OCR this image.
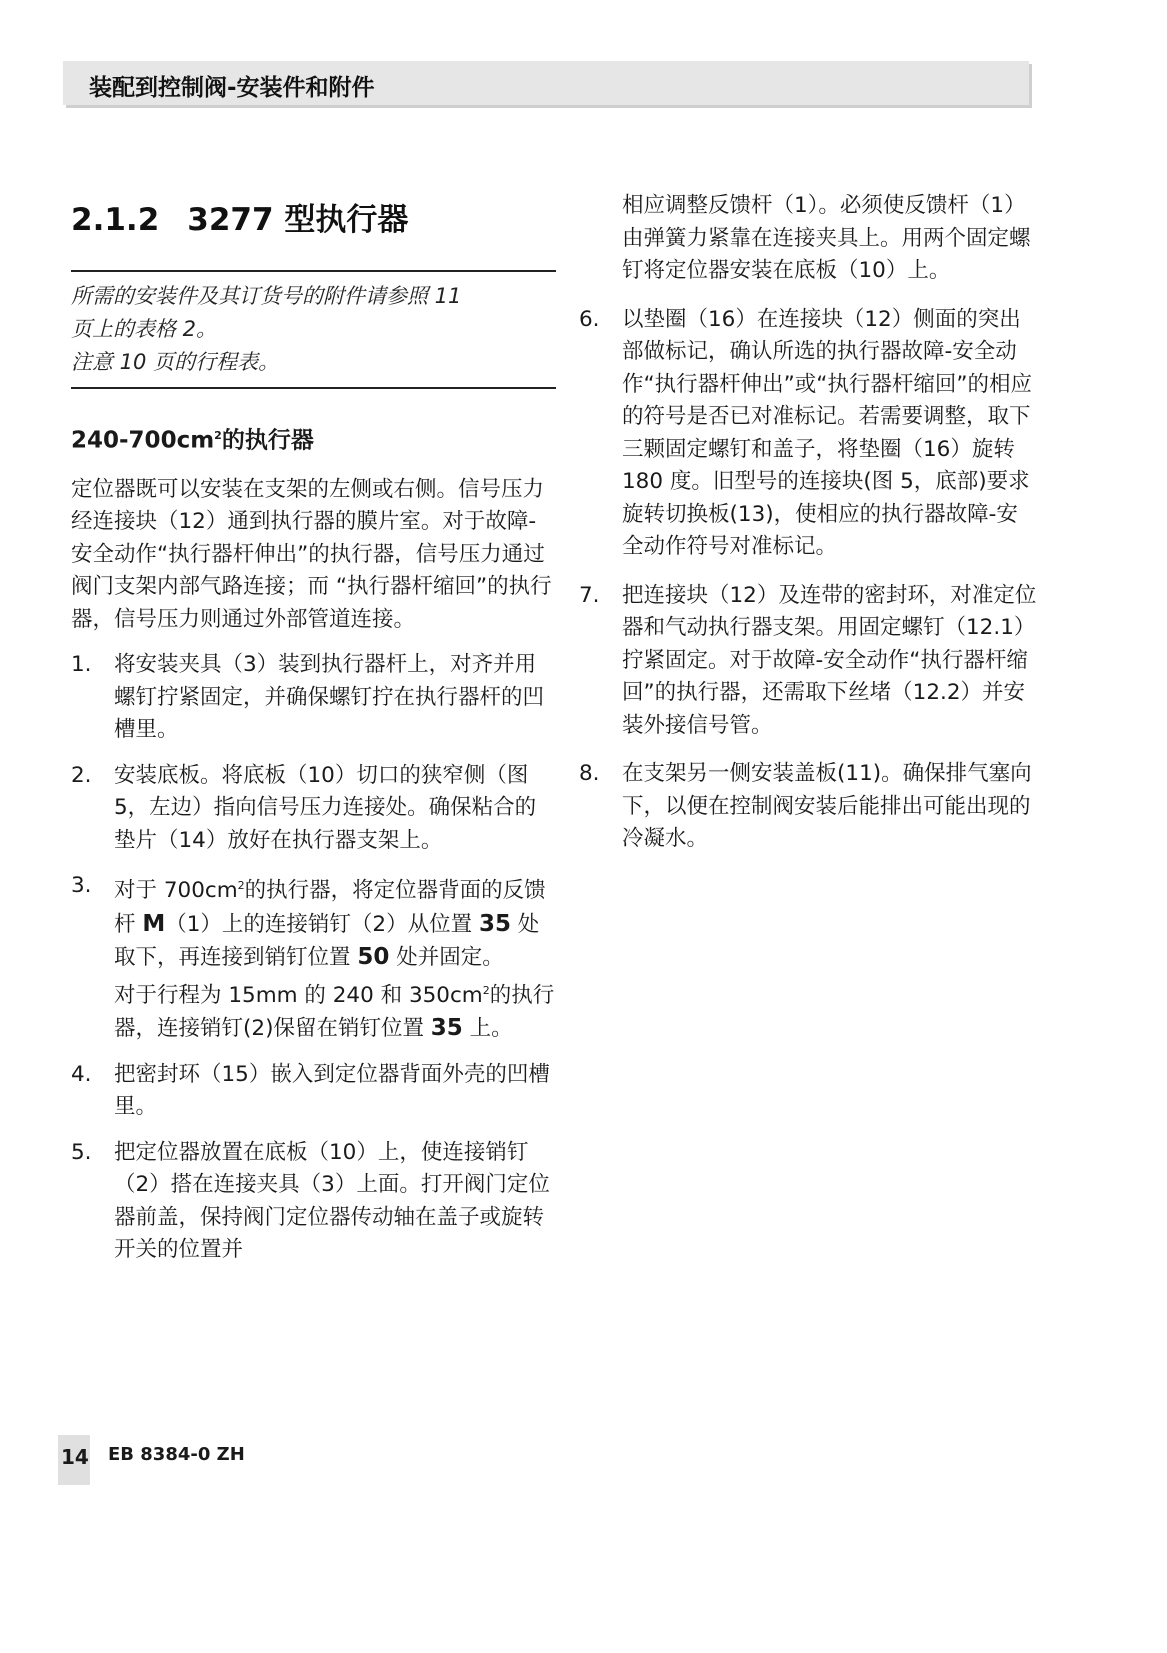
装配到控制阀-安装件和附件
2.1.2 3277 型执行器
所需的安装件及其订货号的附件请参照 11
页上的表格 2。
注意 10 页的行程表。
$240-700cm^2$的执行器

定位器既可以安装在支架的左侧或右侧。信号压力经连接块（12）通到执行器的膜片室。对于故障-安全动作“执行器杆伸出”的执行器，信号压力通过阀门支架内部气路连接；而 “执行器杆缩回”的执行器，信号压力则通过外部管道连接。

1. 将安装夹具（3）装到执行器杆上，对齐并用螺钉拧紧固定，并确保螺钉拧在执行器杆的凹槽里。

2. 安装底板。将底板（10）切口的狭窄侧（图 5，左边）指向信号压力连接处。确保粘合的垫片（14）放好在执行器支架上。

3. 对于 $700cm^2$的执行器，将定位器背面的反馈杆 M（1）上的连接销钉（2）从位置 35 处取下，再连接到销钉位置 50 处并固定。

对于行程为 15mm 的 240 和 $350cm^2$的执行器，连接销钉(2)保留在销钉位置 35 上。

4. 把密封环（15）嵌入到定位器背面外壳的凹槽里。

5. 把定位器放置在底板（10）上，使连接销钉（2）搭在连接夹具（3）上面。打开阀门定位器前盖，保持阀门定位器传动轴在盖子或旋转开关的位置并

相应调整反馈杆（1）。必须使反馈杆（1）由弹簧力紧靠在连接夹具上。用两个固定螺钉将定位器安装在底板（10）上。

6. 以垫圈（16）在连接块（12）侧面的突出部做标记，确认所选的执行器故障-安全动作“执行器杆伸出”或“执行器杆缩回”的相应的符号是否已对准标记。若需要调整，取下三颗固定螺钉和盖子，将垫圈（16）旋转 180 度。旧型号的连接块(图 5，底部)要求旋转切换板(13)，使相应的执行器故障-安全动作符号对准标记。

7. 把连接块（12）及连带的密封环，对准定位器和气动执行器支架。用固定螺钉（12.1）拧紧固定。对于故障-安全动作“执行器杆缩回”的执行器，还需取下丝堵（12.2）并安装外接信号管。

8. 在支架另一侧安装盖板(11)。确保排气塞向下，以便在控制阀安装后能排出可能出现的冷凝水。

14 EB 8384-0 ZH
